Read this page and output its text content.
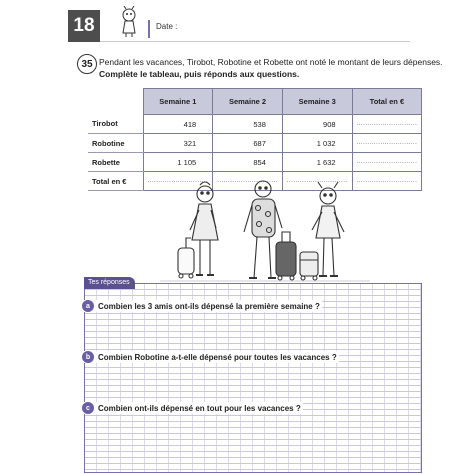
18	Date :
35 Pendant les vacances, Tirobot, Robotine et Robette ont noté le montant de leurs dépenses.
Complète le tableau, puis réponds aux questions.
	Semaine 1	Semaine 2	Semaine 3	Total en €
Tirobot	418	538	908	............................
Robotine	321	687	1 032	............................
Robette	1 105	854	1 632	............................
Total en €	............................	............................	............................	............................
Tes réponses
a	Combien les 3 amis ont-ils dépensé la première semaine ?
b Combien Robotine a-t-elle dépensé pour toutes les vacances ?
c	Combien ont-ils dépensé en tout pour les vacances ?
